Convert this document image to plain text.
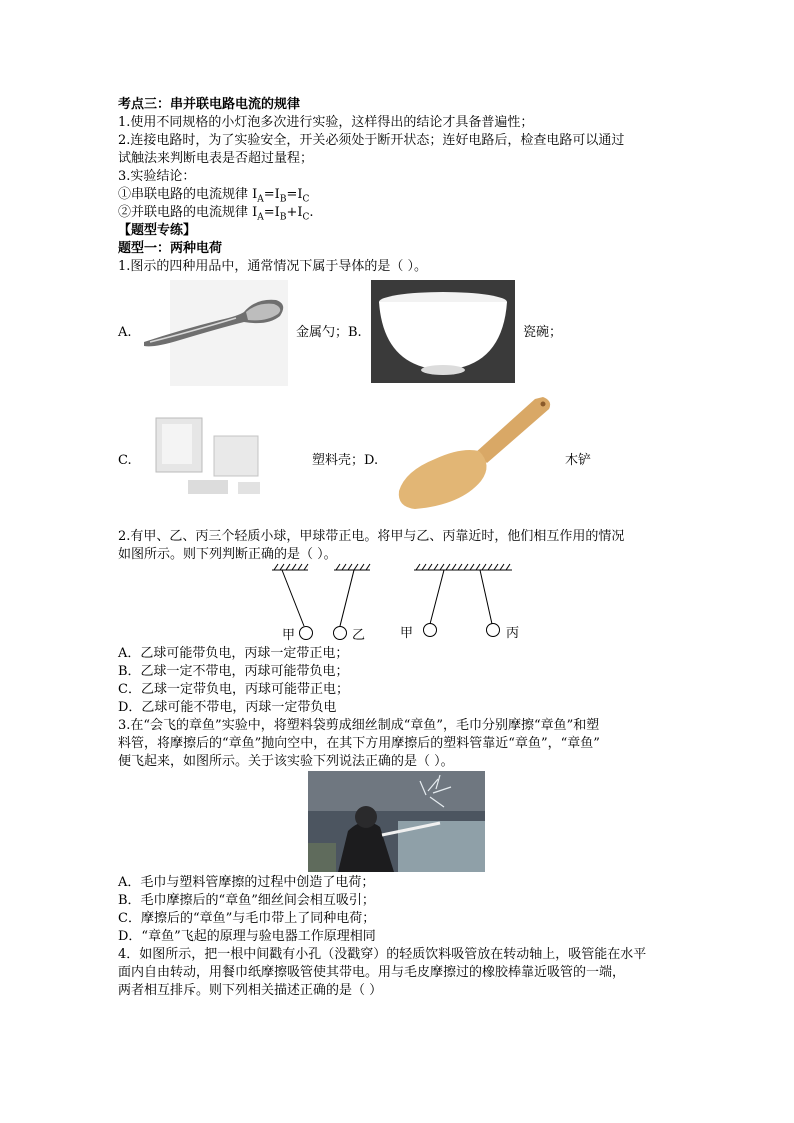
考点三：串并联电路电流的规律
1.使用不同规格的小灯泡多次进行实验，这样得出的结论才具备普遍性；
2.连接电路时，为了实验安全，开关必须处于断开状态；连好电路后，检查电路可以通过
试触法来判断电表是否超过量程；
3.实验结论：
①串联电路的电流规律 $I_A=I_B=I_C$
②并联电路的电流规律 $I_A=I_B+I_C$.
【题型专练】
题型一：两种电荷
1.图示的四种用品中，通常情况下属于导体的是（ ）。
A.	金属勺；B.	瓷碗；
C.	塑料壳；D.	木铲
2.有甲、乙、丙三个轻质小球，甲球带正电。将甲与乙、丙靠近时，他们相互作用的情况
如图所示。则下列判断正确的是（ ）。
甲	乙	甲	丙
A．乙球可能带负电，丙球一定带正电；
B．乙球一定不带电，丙球可能带负电；
C．乙球一定带负电，丙球可能带正电；
D．乙球可能不带电，丙球一定带负电
3.在“会飞的章鱼”实验中，将塑料袋剪成细丝制成“章鱼”，毛巾分别摩擦“章鱼”和塑
料管，将摩擦后的“章鱼”抛向空中，在其下方用摩擦后的塑料管靠近“章鱼”，“章鱼”
便飞起来，如图所示。关于该实验下列说法正确的是（ ）。
A．毛巾与塑料管摩擦的过程中创造了电荷；
B．毛巾摩擦后的“章鱼”细丝间会相互吸引；
C．摩擦后的“章鱼”与毛巾带上了同种电荷；
D．“章鱼”飞起的原理与验电器工作原理相同
4．如图所示，把一根中间戳有小孔（没戳穿）的轻质饮料吸管放在转动轴上，吸管能在水平
面内自由转动，用餐巾纸摩擦吸管使其带电。用与毛皮摩擦过的橡胶棒靠近吸管的一端，
两者相互排斥。则下列相关描述正确的是（ ）
